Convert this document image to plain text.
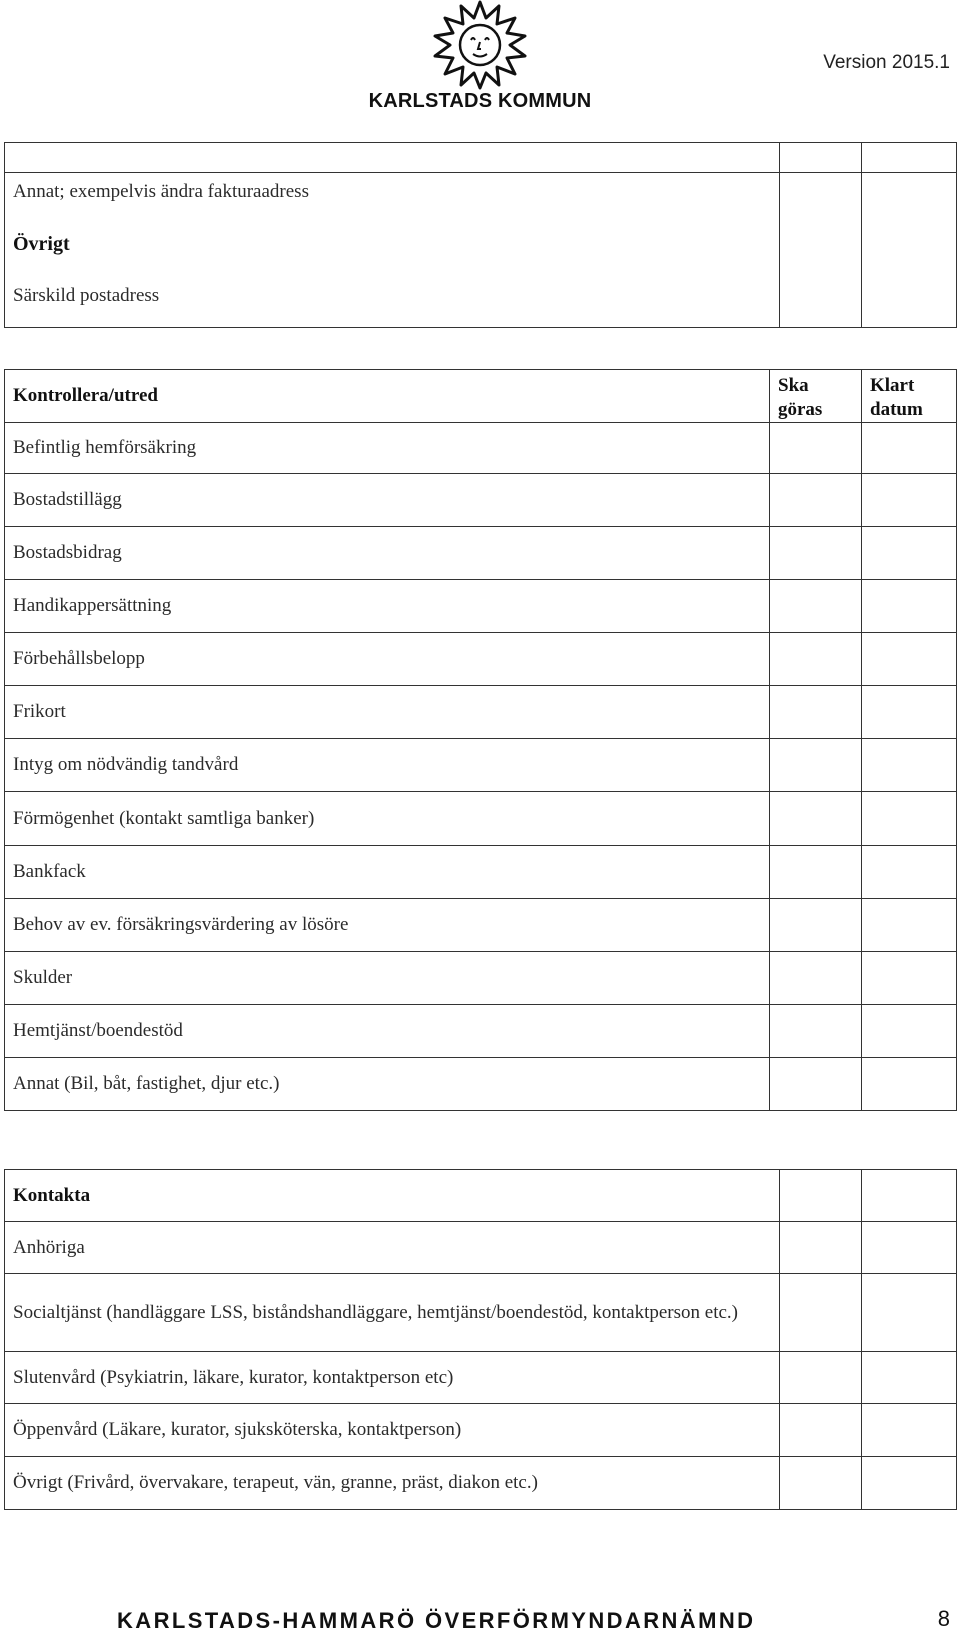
KARLSTADS KOMMUN
Version 2015.1

Annat; exempelvis ändra fakturaadress
Övrigt
Särskild postadress		

Kontrollera/utred	Ska göras	Klart datum
Befintlig hemförsäkring		
Bostadstillägg		
Bostadsbidrag		
Handikappersättning		
Förbehållsbelopp		
Frikort		
Intyg om nödvändig tandvård		
Förmögenhet (kontakt samtliga banker)		
Bankfack		
Behov av ev. försäkringsvärdering av lösöre		
Skulder		
Hemtjänst/boendestöd		
Annat (Bil, båt, fastighet, djur etc.)		
Kontakta		
Anhöriga		
Socialtjänst (handläggare LSS, biståndshandläggare, hemtjänst/boendestöd, kontaktperson etc.)		
Slutenvård (Psykiatrin, läkare, kurator, kontaktperson etc)		
Öppenvård (Läkare, kurator, sjuksköterska, kontaktperson)		
Övrigt (Frivård, övervakare, terapeut, vän, granne, präst, diakon etc.)		
KARLSTADS-HAMMARÖ ÖVERFÖRMYNDARNÄMND	8
